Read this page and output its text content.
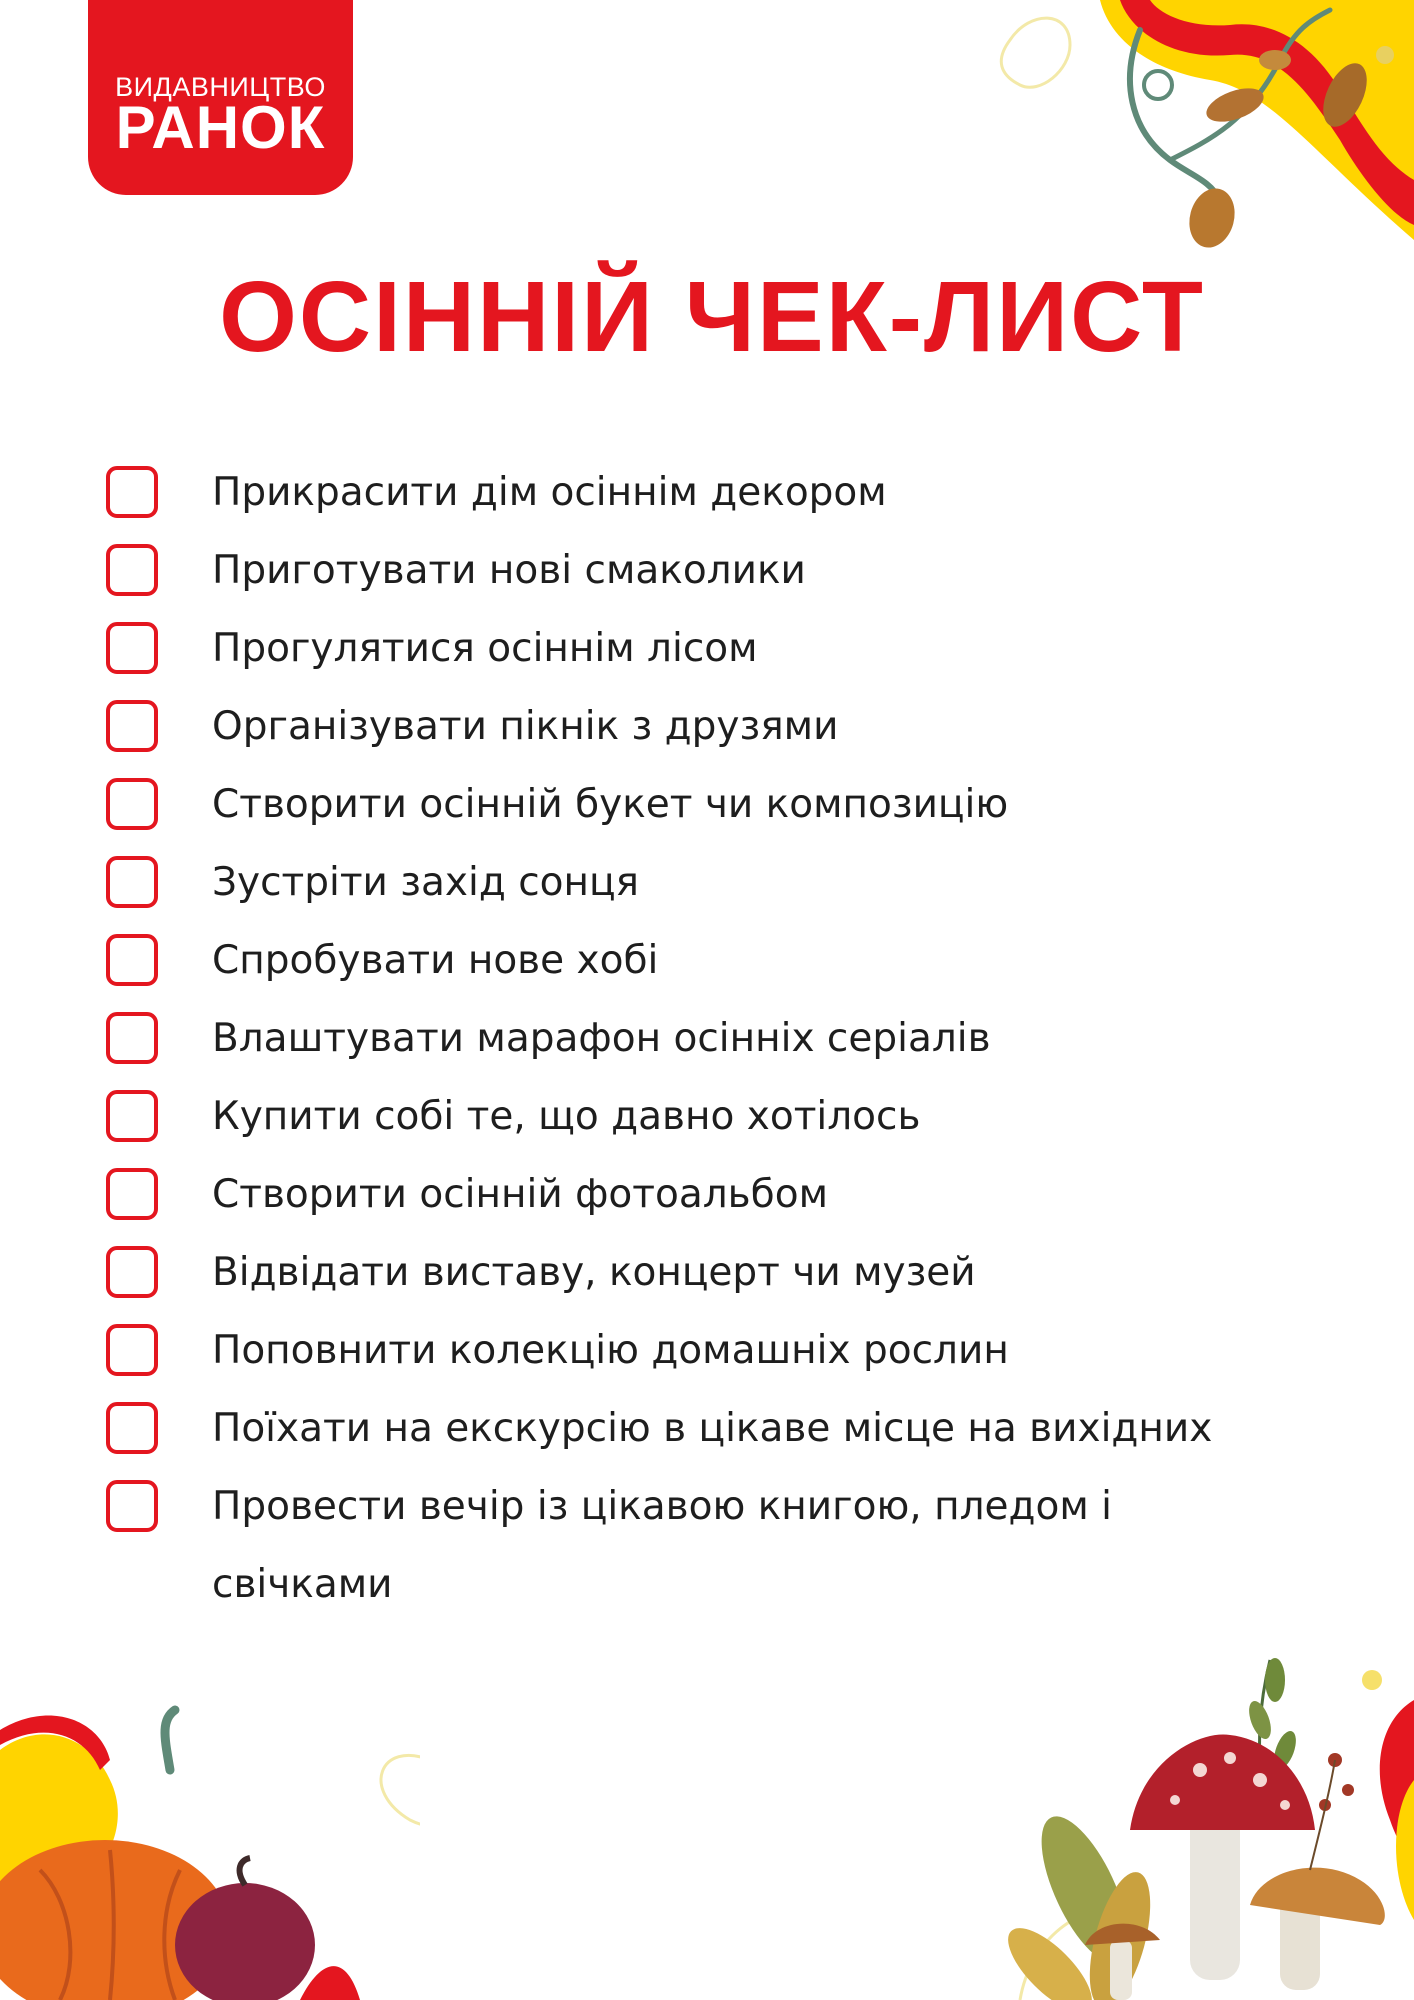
ВИДАВНИЦТВО
РАНОК
ОСІННІЙ ЧЕК-ЛИСТ
Прикрасити дім осіннім декором
Приготувати нові смаколики
Прогулятися осіннім лісом
Організувати пікнік з друзями
Створити осінній букет чи композицію
Зустріти захід сонця
Спробувати нове хобі
Влаштувати марафон осінніх серіалів
Купити собі те, що давно хотілось
Створити осінній фотоальбом
Відвідати виставу, концерт чи музей
Поповнити колекцію домашніх рослин
Поїхати на екскурсію в цікаве місце на вихідних
Провести вечір із цікавою книгою, пледом і свічками
